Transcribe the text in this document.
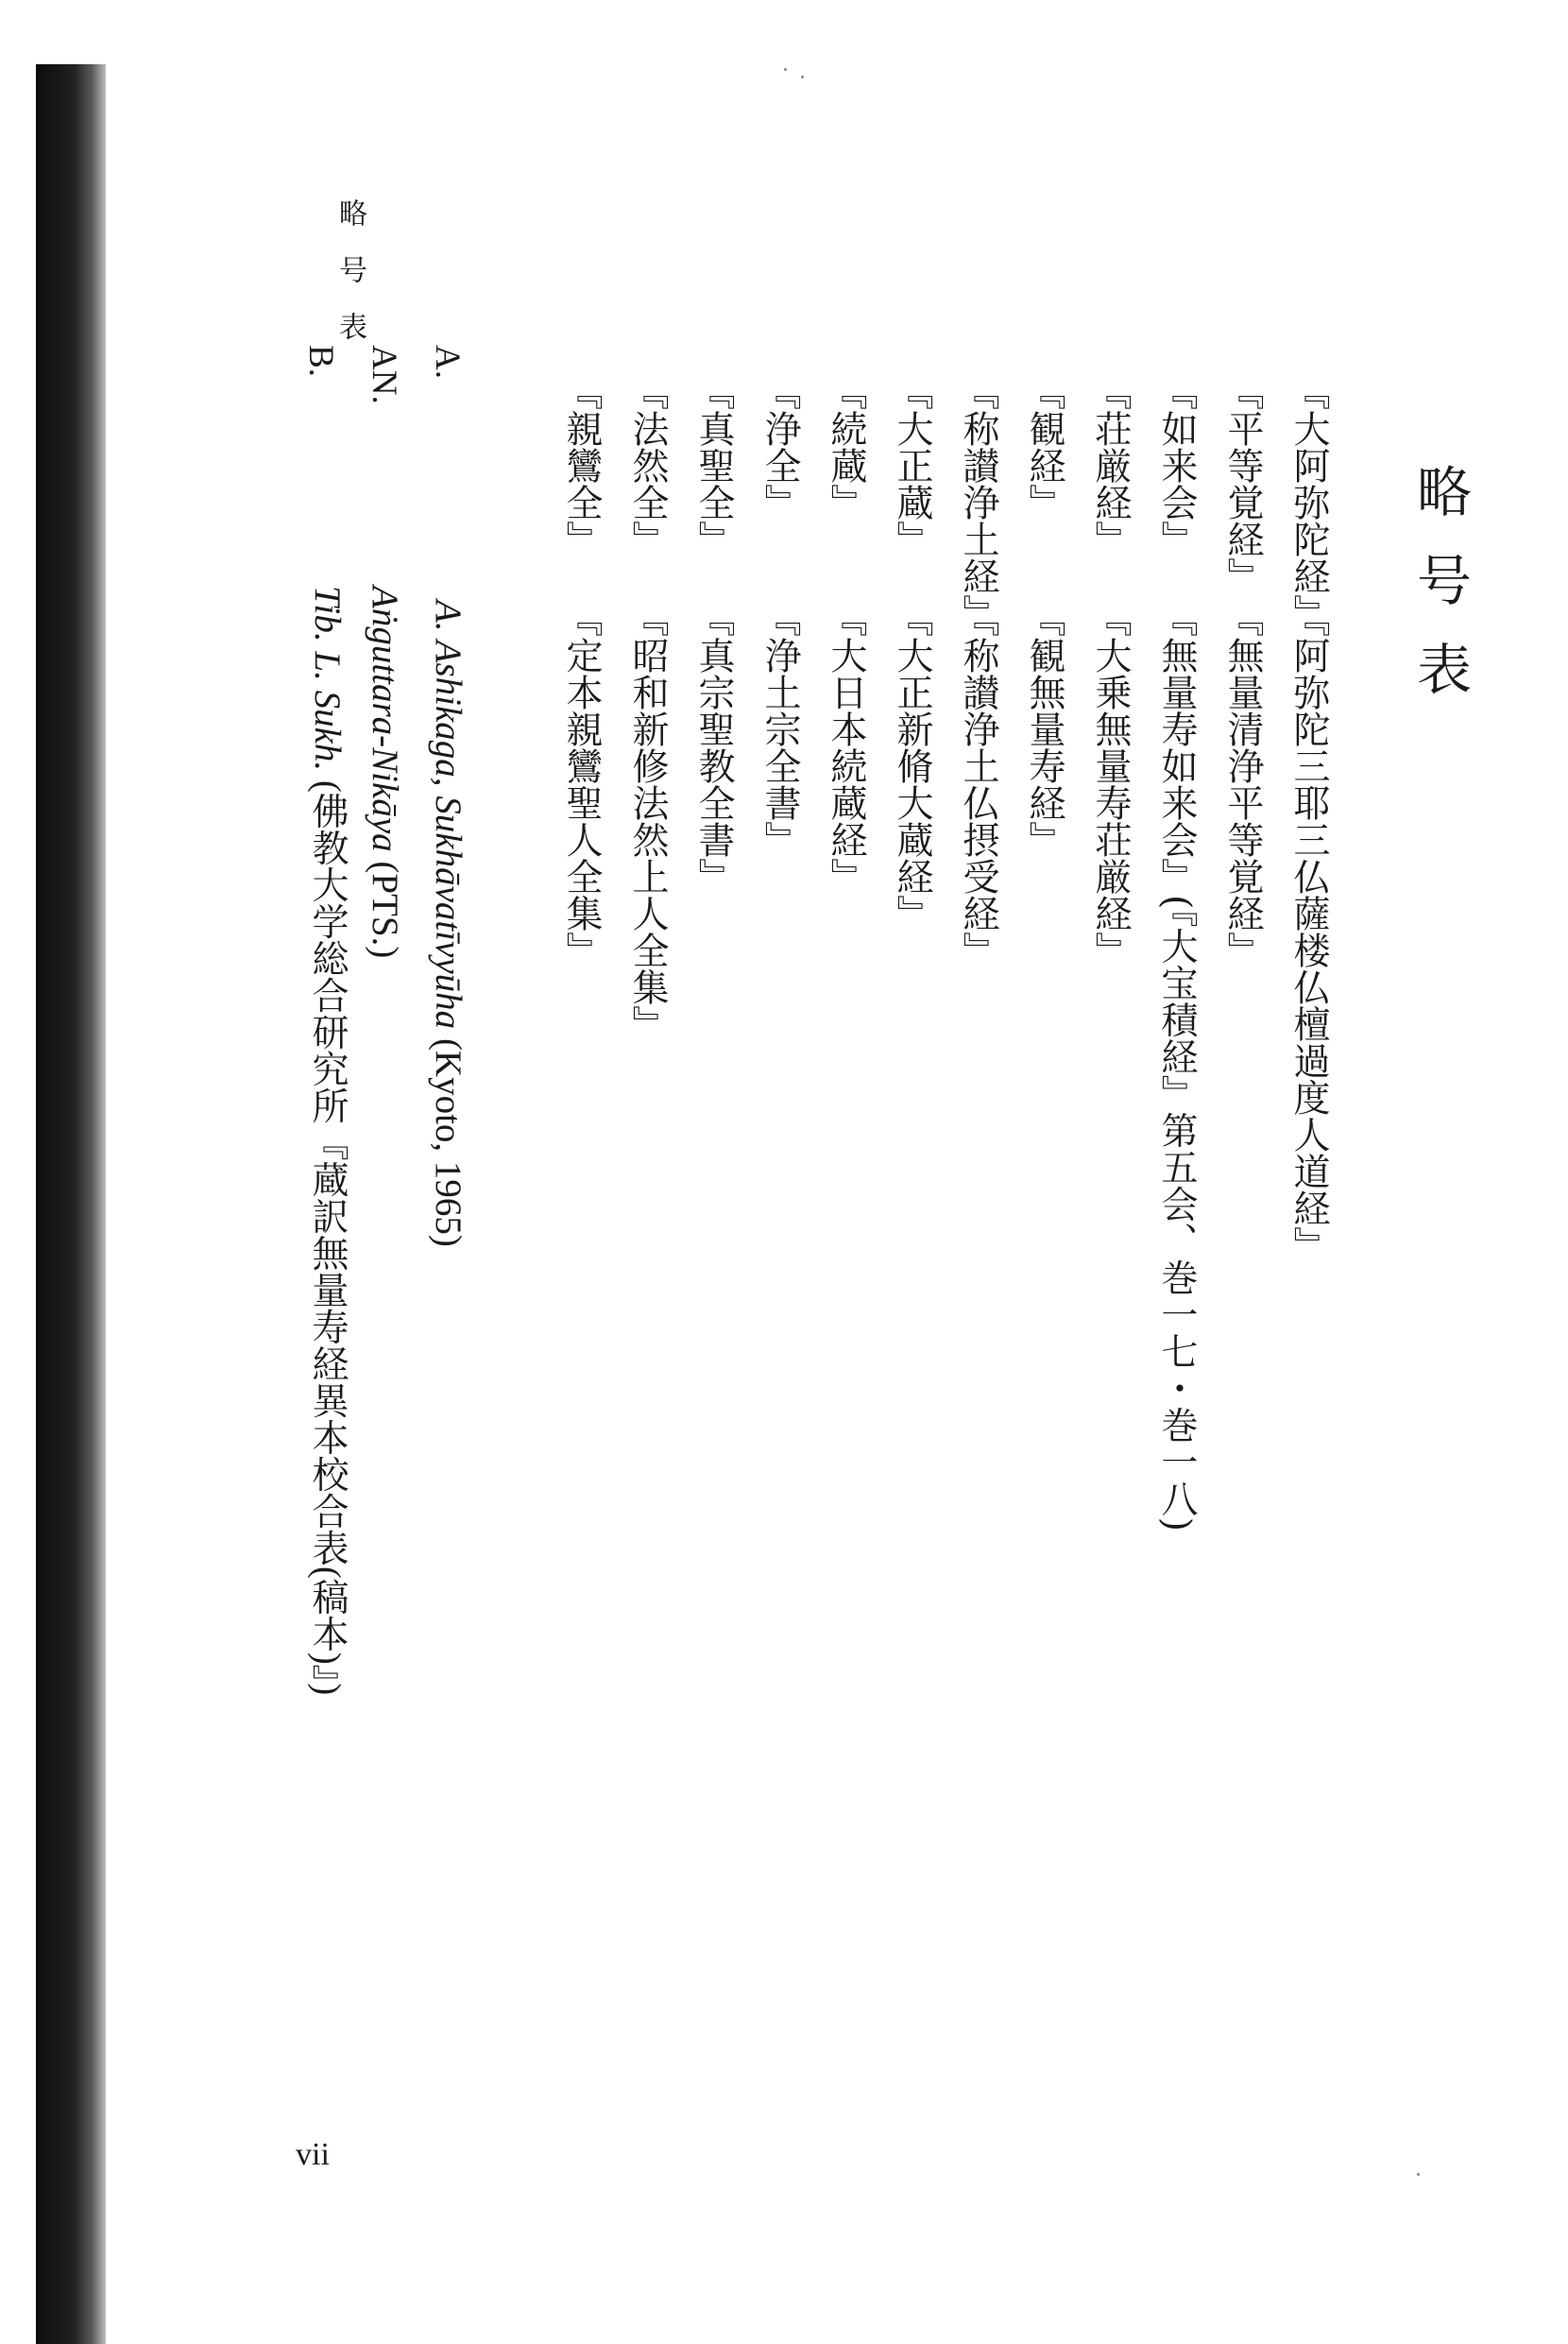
略号表
略号表
『大阿弥陀経』
『阿弥陀三耶三仏薩楼仏檀過度人道経』
『平等覚経』
『無量清浄平等覚経』
『如来会』
『無量寿如来会』(『大宝積経』第五会、巻一七・巻一八)
『荘厳経』
『大乗無量寿荘厳経』
『観経』
『観無量寿経』
『称讃浄土経』
『称讃浄土仏摂受経』
『大正蔵』
『大正新脩大蔵経』
『続蔵』
『大日本続蔵経』
『浄全』
『浄土宗全書』
『真聖全』
『真宗聖教全書』
『法然全』
『昭和新修法然上人全集』
『親鸞全』
『定本親鸞聖人全集』
A.
A. Ashikaga, Sukhāvatīvyūha (Kyoto, 1965)
AN.
Aṅguttara-Nikāya (PTS.)
B.
Tib. L. Sukh. (佛教大学総合研究所『蔵訳無量寿経異本校合表(稿本)』)
vii
